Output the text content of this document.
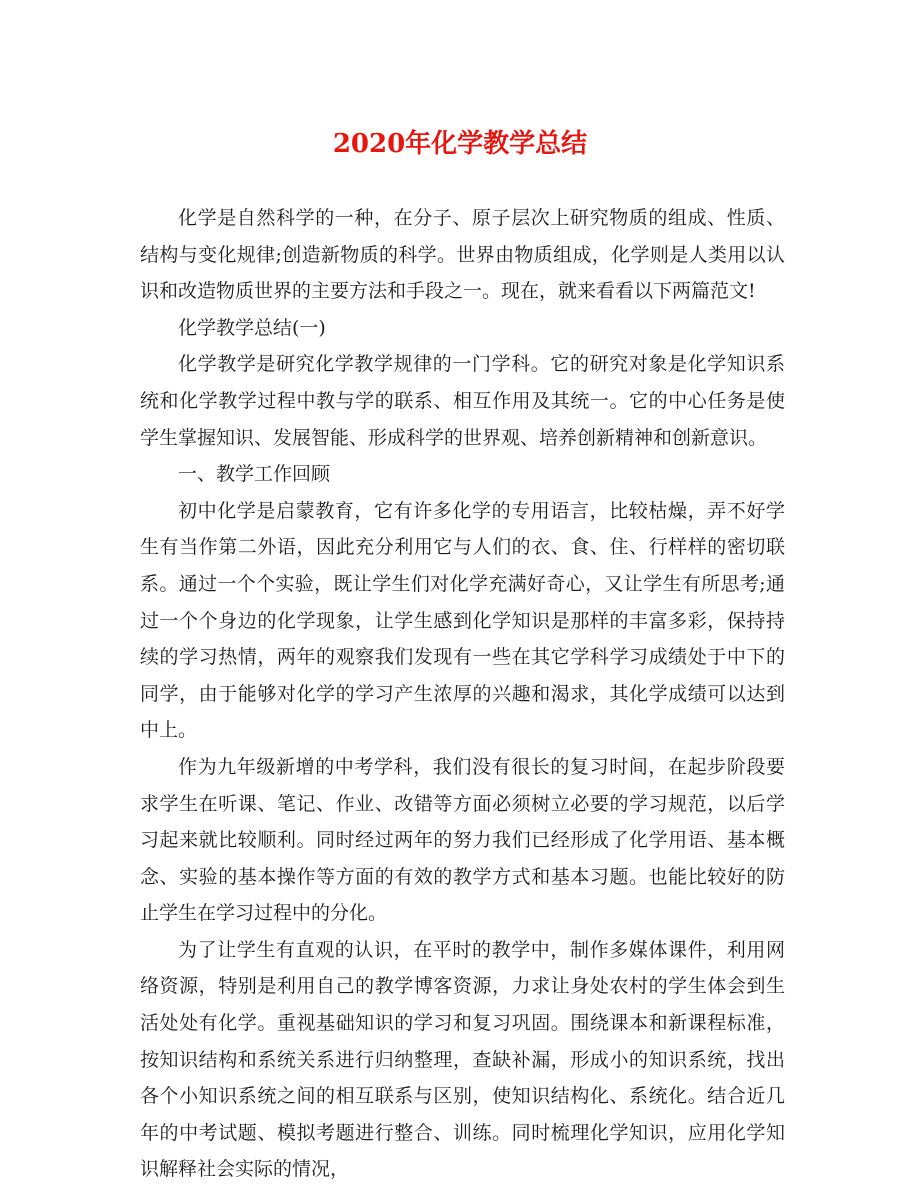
2020年化学教学总结

化学是自然科学的一种，在分子、原子层次上研究物质的组成、性质、结构与变化规律;创造新物质的科学。世界由物质组成，化学则是人类用以认识和改造物质世界的主要方法和手段之一。现在，就来看看以下两篇范文!

化学教学总结(一)

化学教学是研究化学教学规律的一门学科。它的研究对象是化学知识系统和化学教学过程中教与学的联系、相互作用及其统一。它的中心任务是使学生掌握知识、发展智能、形成科学的世界观、培养创新精神和创新意识。

一、教学工作回顾

初中化学是启蒙教育，它有许多化学的专用语言，比较枯燥，弄不好学生有当作第二外语，因此充分利用它与人们的衣、食、住、行样样的密切联系。通过一个个实验，既让学生们对化学充满好奇心，又让学生有所思考;通过一个个身边的化学现象，让学生感到化学知识是那样的丰富多彩，保持持续的学习热情，两年的观察我们发现有一些在其它学科学习成绩处于中下的同学，由于能够对化学的学习产生浓厚的兴趣和渴求，其化学成绩可以达到中上。

作为九年级新增的中考学科，我们没有很长的复习时间，在起步阶段要求学生在听课、笔记、作业、改错等方面必须树立必要的学习规范，以后学习起来就比较顺利。同时经过两年的努力我们已经形成了化学用语、基本概念、实验的基本操作等方面的有效的教学方式和基本习题。也能比较好的防止学生在学习过程中的分化。

为了让学生有直观的认识，在平时的教学中，制作多媒体课件，利用网络资源，特别是利用自己的教学博客资源，力求让身处农村的学生体会到生活处处有化学。重视基础知识的学习和复习巩固。围绕课本和新课程标准，按知识结构和系统关系进行归纳整理，查缺补漏，形成小的知识系统，找出各个小知识系统之间的相互联系与区别，使知识结构化、系统化。结合近几年的中考试题、模拟考题进行整合、训练。同时梳理化学知识，应用化学知识解释社会实际的情况，
